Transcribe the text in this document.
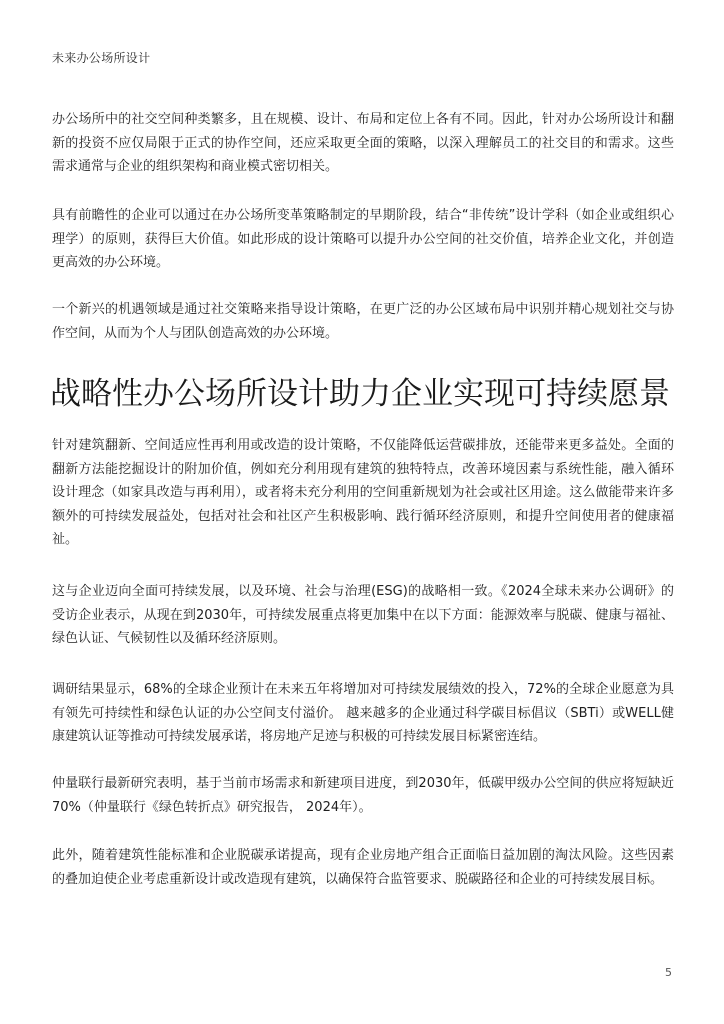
未来办公场所设计

办公场所中的社交空间种类繁多，且在规模、设计、布局和定位上各有不同。因此，针对办公场所设计和翻新的投资不应仅局限于正式的协作空间，还应采取更全面的策略，以深入理解员工的社交目的和需求。这些需求通常与企业的组织架构和商业模式密切相关。

具有前瞻性的企业可以通过在办公场所变革策略制定的早期阶段，结合“非传统”设计学科（如企业或组织心理学）的原则，获得巨大价值。如此形成的设计策略可以提升办公空间的社交价值，培养企业文化，并创造更高效的办公环境。

一个新兴的机遇领域是通过社交策略来指导设计策略，在更广泛的办公区域布局中识别并精心规划社交与协作空间，从而为个人与团队创造高效的办公环境。

战略性办公场所设计助力企业实现可持续愿景

针对建筑翻新、空间适应性再利用或改造的设计策略，不仅能降低运营碳排放，还能带来更多益处。全面的翻新方法能挖掘设计的附加价值，例如充分利用现有建筑的独特特点，改善环境因素与系统性能，融入循环设计理念（如家具改造与再利用），或者将未充分利用的空间重新规划为社会或社区用途。这么做能带来许多额外的可持续发展益处，包括对社会和社区产生积极影响、践行循环经济原则，和提升空间使用者的健康福祉。

这与企业迈向全面可持续发展，以及环境、社会与治理(ESG)的战略相一致。《2024全球未来办公调研》的受访企业表示，从现在到2030年，可持续发展重点将更加集中在以下方面：能源效率与脱碳、健康与福祉、绿色认证、气候韧性以及循环经济原则。

调研结果显示，68%的全球企业预计在未来五年将增加对可持续发展绩效的投入，72%的全球企业愿意为具有领先可持续性和绿色认证的办公空间支付溢价。 越来越多的企业通过科学碳目标倡议（SBTi）或WELL健康建筑认证等推动可持续发展承诺，将房地产足迹与积极的可持续发展目标紧密连结。

仲量联行最新研究表明，基于当前市场需求和新建项目进度，到2030年，低碳甲级办公空间的供应将短缺近70%（仲量联行《绿色转折点》研究报告， 2024年）。

此外，随着建筑性能标准和企业脱碳承诺提高，现有企业房地产组合正面临日益加剧的淘汰风险。这些因素的叠加迫使企业考虑重新设计或改造现有建筑，以确保符合监管要求、脱碳路径和企业的可持续发展目标。

5
